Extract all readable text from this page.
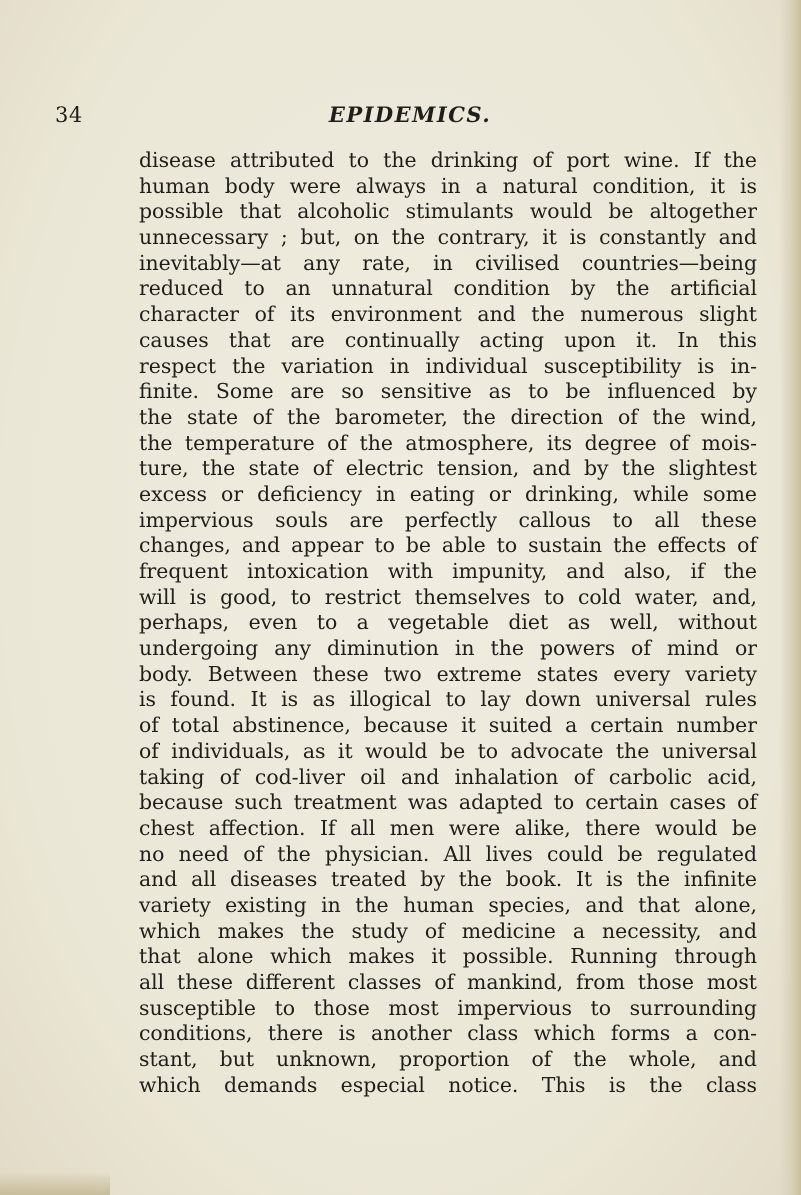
34	EPIDEMICS.
disease attributed to the drinking of port wine. If the
human body were always in a natural condition, it is
possible that alcoholic stimulants would be altogether
unnecessary ; but, on the contrary, it is constantly and
inevitably—at any rate, in civilised countries—being
reduced to an unnatural condition by the artificial
character of its environment and the numerous slight
causes that are continually acting upon it. In this
respect the variation in individual susceptibility is in-
finite. Some are so sensitive as to be influenced by
the state of the barometer, the direction of the wind,
the temperature of the atmosphere, its degree of mois-
ture, the state of electric tension, and by the slightest
excess or deficiency in eating or drinking, while some
impervious souls are perfectly callous to all these
changes, and appear to be able to sustain the effects of
frequent intoxication with impunity, and also, if the
will is good, to restrict themselves to cold water, and,
perhaps, even to a vegetable diet as well, without
undergoing any diminution in the powers of mind or
body. Between these two extreme states every variety
is found. It is as illogical to lay down universal rules
of total abstinence, because it suited a certain number
of individuals, as it would be to advocate the universal
taking of cod-liver oil and inhalation of carbolic acid,
because such treatment was adapted to certain cases of
chest affection. If all men were alike, there would be
no need of the physician. All lives could be regulated
and all diseases treated by the book. It is the infinite
variety existing in the human species, and that alone,
which makes the study of medicine a necessity, and
that alone which makes it possible. Running through
all these different classes of mankind, from those most
susceptible to those most impervious to surrounding
conditions, there is another class which forms a con-
stant, but unknown, proportion of the whole, and
which demands especial notice. This is the class
